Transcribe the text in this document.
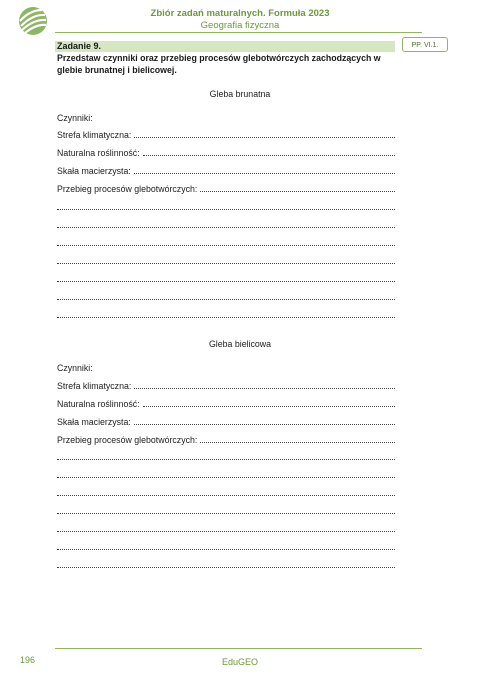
Zbiór zadań maturalnych. Formuła 2023
Geografia fizyczna
Zadanie 9.	PP. VI.1.
Przedstaw czynniki oraz przebieg procesów glebotwórczych zachodzących w glebie brunatnej i bielicowej.
Gleba brunatna
Czynniki:
Strefa klimatyczna:
Naturalna roślinność:
Skała macierzysta:
Przebieg procesów glebotwórczych:
Gleba bielicowa
Czynniki:
Strefa klimatyczna:
Naturalna roślinność:
Skała macierzysta:
Przebieg procesów glebotwórczych:
196	EduGEO
